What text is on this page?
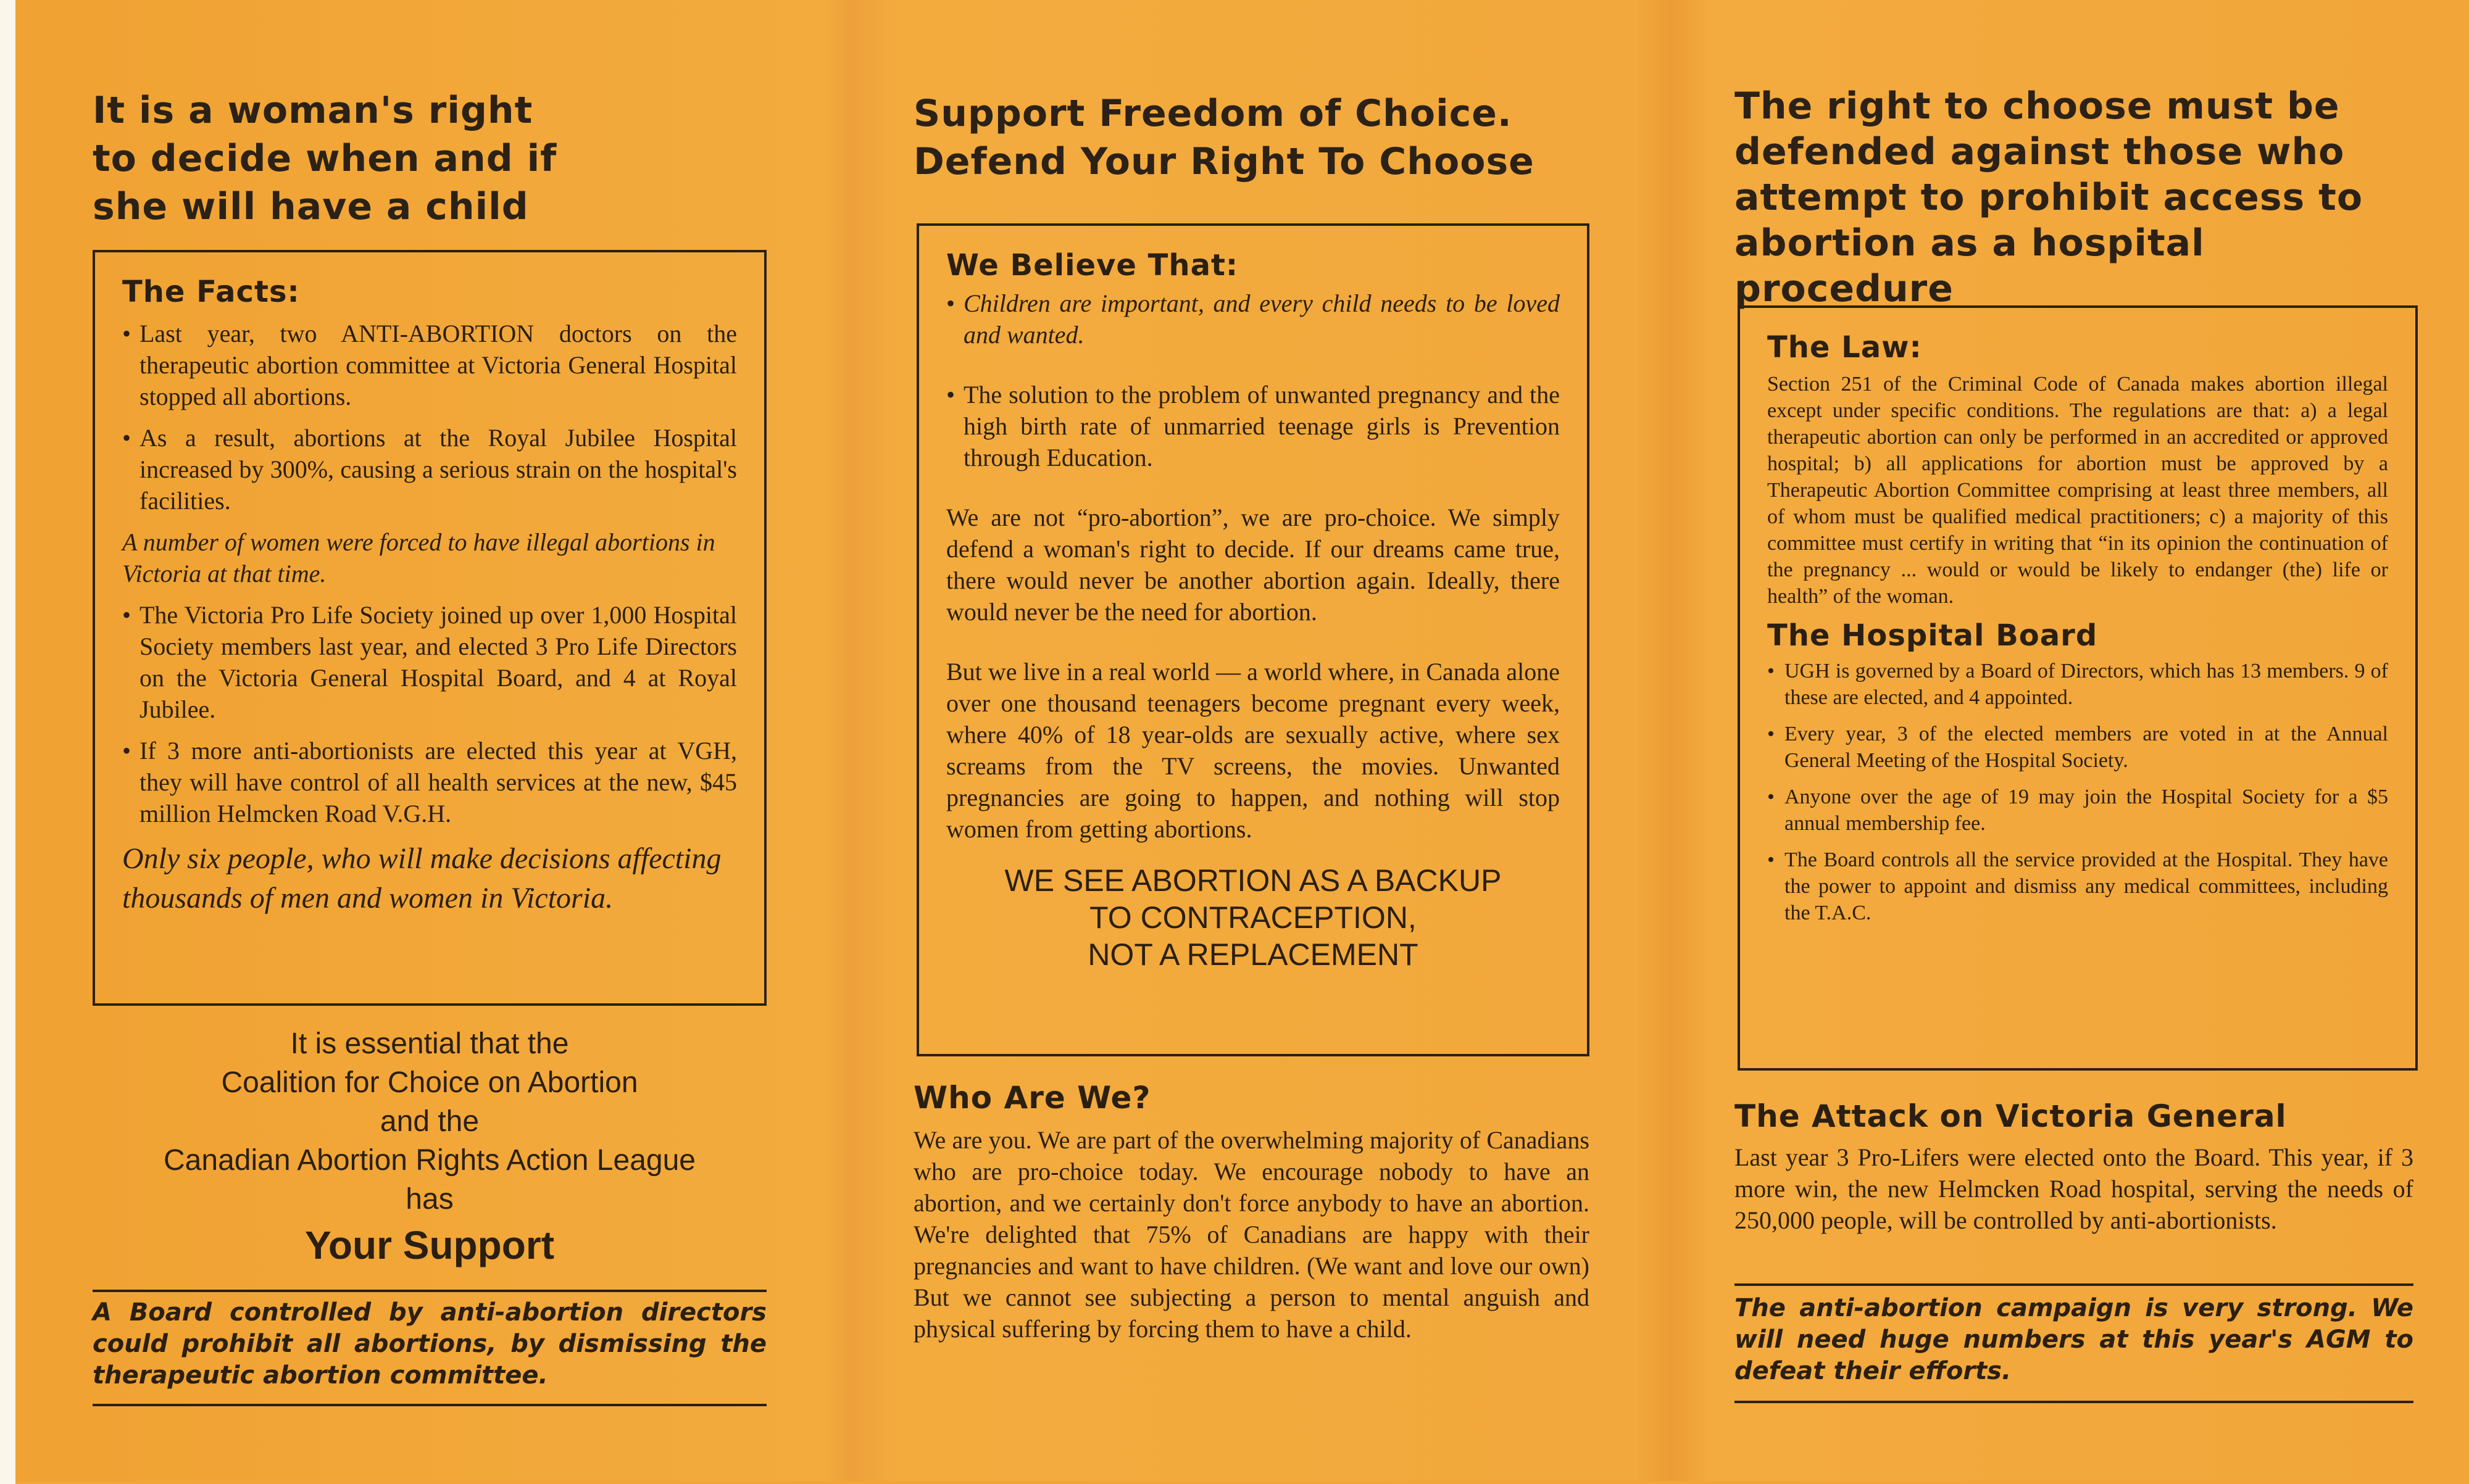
It is a woman's right

to decide when and if

she will have a child

The Facts:

• Last year, two ANTI-ABORTION doctors on the therapeutic abortion committee at Victoria General Hospital stopped all abortions.
• As a result, abortions at the Royal Jubilee Hospital increased by 300%, causing a serious strain on the hospital's facilities.

A number of women were forced to have illegal abortions in Victoria at that time.

• The Victoria Pro Life Society joined up over 1,000 Hospital Society members last year, and elected 3 Pro Life Directors on the Victoria General Hospital Board, and 4 at Royal Jubilee.
• If 3 more anti-abortionists are elected this year at VGH, they will have control of all health services at the new, $45 million Helmcken Road V.G.H.

Only six people, who will make decisions affecting thousands of men and women in Victoria.

It is essential that the
Coalition for Choice on Abortion
and the
Canadian Abortion Rights Action League
has
Your Support

A Board controlled by anti-abortion directors could prohibit all abortions, by dismissing the therapeutic abortion committee.

Support Freedom of Choice.

Defend Your Right To Choose

We Believe That:

• Children are important, and every child needs to be loved and wanted.
• The solution to the problem of unwanted pregnancy and the high birth rate of unmarried teenage girls is Prevention through Education.

We are not “pro-abortion”, we are pro-choice. We simply defend a woman's right to decide. If our dreams came true, there would never be another abortion again. Ideally, there would never be the need for abortion.

But we live in a real world — a world where, in Canada alone over one thousand teenagers become pregnant every week, where 40% of 18 year-olds are sexually active, where sex screams from the TV screens, the movies. Unwanted pregnancies are going to happen, and nothing will stop women from getting abortions.

WE SEE ABORTION AS A BACKUP
TO CONTRACEPTION,
NOT A REPLACEMENT

Who Are We?

We are you. We are part of the overwhelming majority of Canadians who are pro-choice today. We encourage nobody to have an abortion, and we certainly don't force anybody to have an abortion. We're delighted that 75% of Canadians are happy with their pregnancies and want to have children. (We want and love our own) But we cannot see subjecting a person to mental anguish and physical suffering by forcing them to have a child.

The right to choose must be

defended against those who

attempt to prohibit access to

abortion as a hospital procedure

The Law:

Section 251 of the Criminal Code of Canada makes abortion illegal except under specific conditions. The regulations are that: a) a legal therapeutic abortion can only be performed in an accredited or approved hospital; b) all applications for abortion must be approved by a Therapeutic Abortion Committee comprising at least three members, all of whom must be qualified medical practitioners; c) a majority of this committee must certify in writing that “in its opinion the continuation of the pregnancy ... would or would be likely to endanger (the) life or health” of the woman.

The Hospital Board

• UGH is governed by a Board of Directors, which has 13 members. 9 of these are elected, and 4 appointed.
• Every year, 3 of the elected members are voted in at the Annual General Meeting of the Hospital Society.
• Anyone over the age of 19 may join the Hospital Society for a $5 annual membership fee.
• The Board controls all the service provided at the Hospital. They have the power to appoint and dismiss any medical committees, including the T.A.C.

The Attack on Victoria General

Last year 3 Pro-Lifers were elected onto the Board. This year, if 3 more win, the new Helmcken Road hospital, serving the needs of 250,000 people, will be controlled by anti-abortionists.

The anti-abortion campaign is very strong. We will need huge numbers at this year's AGM to defeat their efforts.
